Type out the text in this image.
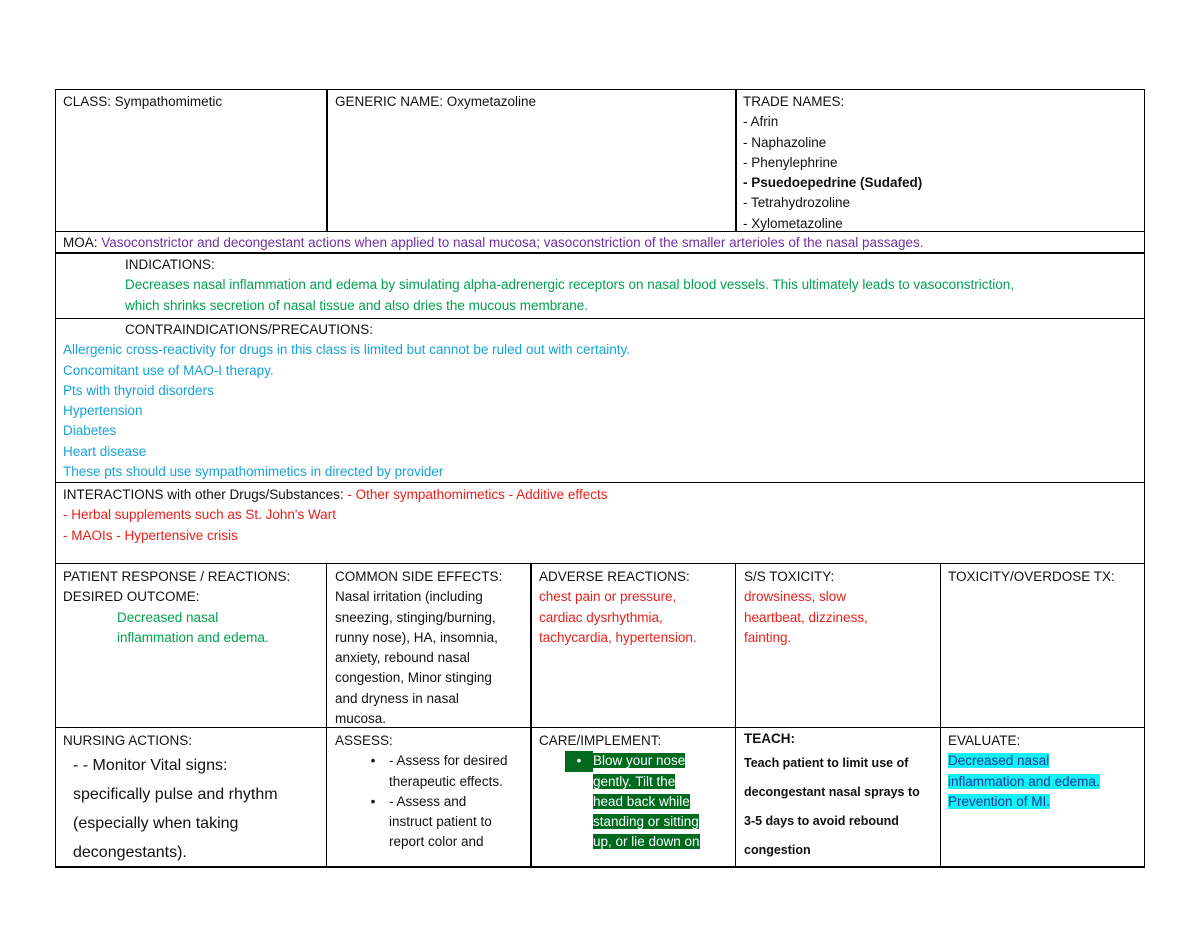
CLASS: Sympathomimetic	GENERIC NAME: Oxymetazoline	TRADE NAMES:
- Afrin
- Naphazoline
- Phenylephrine
- Psuedoepedrine (Sudafed)
- Tetrahydrozoline
- Xylometazoline
MOA: Vasoconstrictor and decongestant actions when applied to nasal mucosa; vasoconstriction of the smaller arterioles of the nasal passages.
INDICATIONS:
Decreases nasal inflammation and edema by simulating alpha-adrenergic receptors on nasal blood vessels. This ultimately leads to vasoconstriction,
which shrinks secretion of nasal tissue and also dries the mucous membrane.
CONTRAINDICATIONS/PRECAUTIONS:
Allergenic cross-reactivity for drugs in this class is limited but cannot be ruled out with certainty.
Concomitant use of MAO-I therapy.
Pts with thyroid disorders
Hypertension
Diabetes
Heart disease
These pts should use sympathomimetics in directed by provider
INTERACTIONS with other Drugs/Substances: - Other sympathomimetics - Additive effects
- Herbal supplements such as St. John's Wart
- MAOIs - Hypertensive crisis
PATIENT RESPONSE / REACTIONS:
DESIRED OUTCOME:
Decreased nasal
inflammation and edema.
COMMON SIDE EFFECTS:
Nasal irritation (including
sneezing, stinging/burning,
runny nose), HA, insomnia,
anxiety, rebound nasal
congestion, Minor stinging
and dryness in nasal
mucosa.
ADVERSE REACTIONS:
chest pain or pressure,
cardiac dysrhythmia,
tachycardia, hypertension.
S/S TOXICITY:
drowsiness, slow
heartbeat, dizziness,
fainting.
TOXICITY/OVERDOSE TX:
NURSING ACTIONS:
- - Monitor Vital signs:
specifically pulse and rhythm
(especially when taking
decongestants).
ASSESS:
• - Assess for desired
therapeutic effects.
• - Assess and
instruct patient to
report color and
CARE/IMPLEMENT:
• Blow your nose
gently. Tilt the
head back while
standing or sitting
up, or lie down on
TEACH:
Teach patient to limit use of
decongestant nasal sprays to
3-5 days to avoid rebound
congestion
EVALUATE:
Decreased nasal
inflammation and edema.
Prevention of MI.
